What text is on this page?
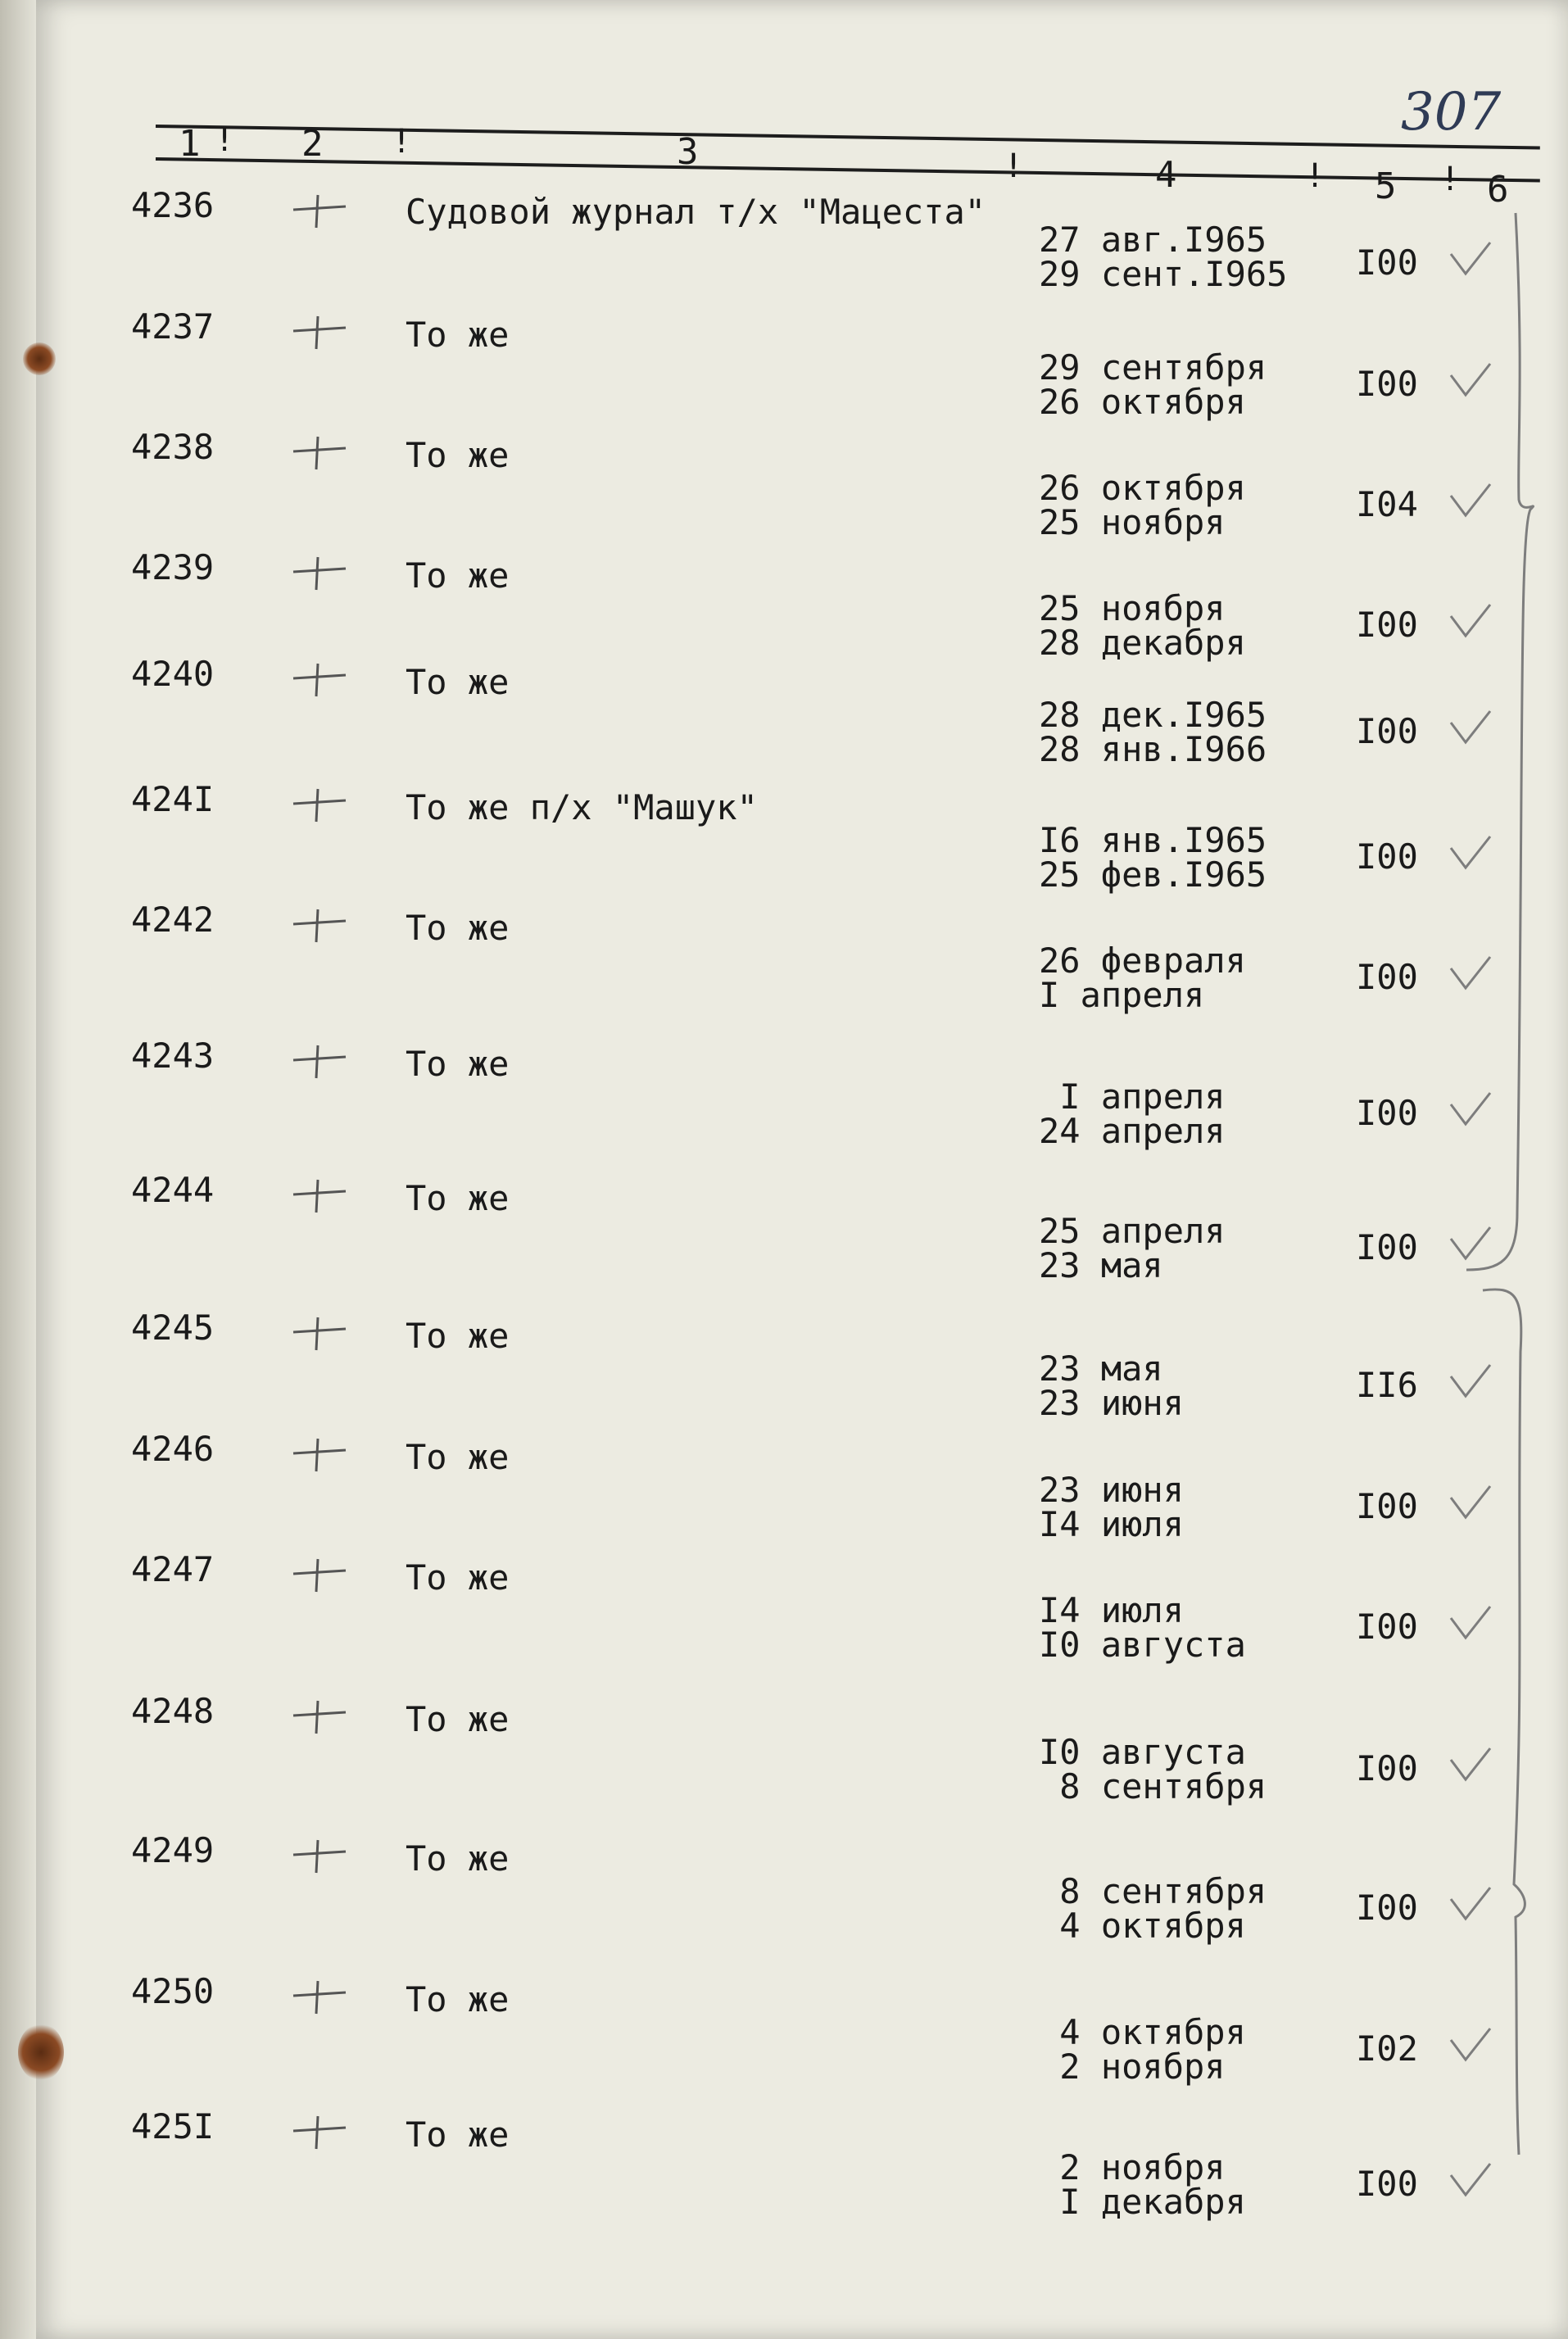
307
!	!
!	!	!
1	2	3
4	5	6
4236	Судовой журнал т/х "Мацеста"
27 авг.I965
29 сент.I965 I00
4237	То же
29 сентября
26 октября	I00
4238	То же
26 октября
25 ноября	I04
4239	То же
25 ноября
28 декабря	I00
4240	То же
28 дек.I965
28 янв.I966	I00
424I	То же п/х "Машук"
I6 янв.I965
25 фев.I965	I00
4242	То же
26 февраля
I апреля	I00
4243	То же
I апреля
24 апреля	I00
4244	То же
25 апреля
23 мая	I00
4245	То же
23 мая
23 июня	II6
4246	То же
23 июня
I4 июля	I00
4247	То же
I4 июля
I0 августа	I00
4248	То же
I0 августа
8 сентября	I00
4249	То же
8 сентября
4 октября	I00
4250	То же
4 октября
2 ноября	I02
425I	То же
2 ноября
I декабря	I00
